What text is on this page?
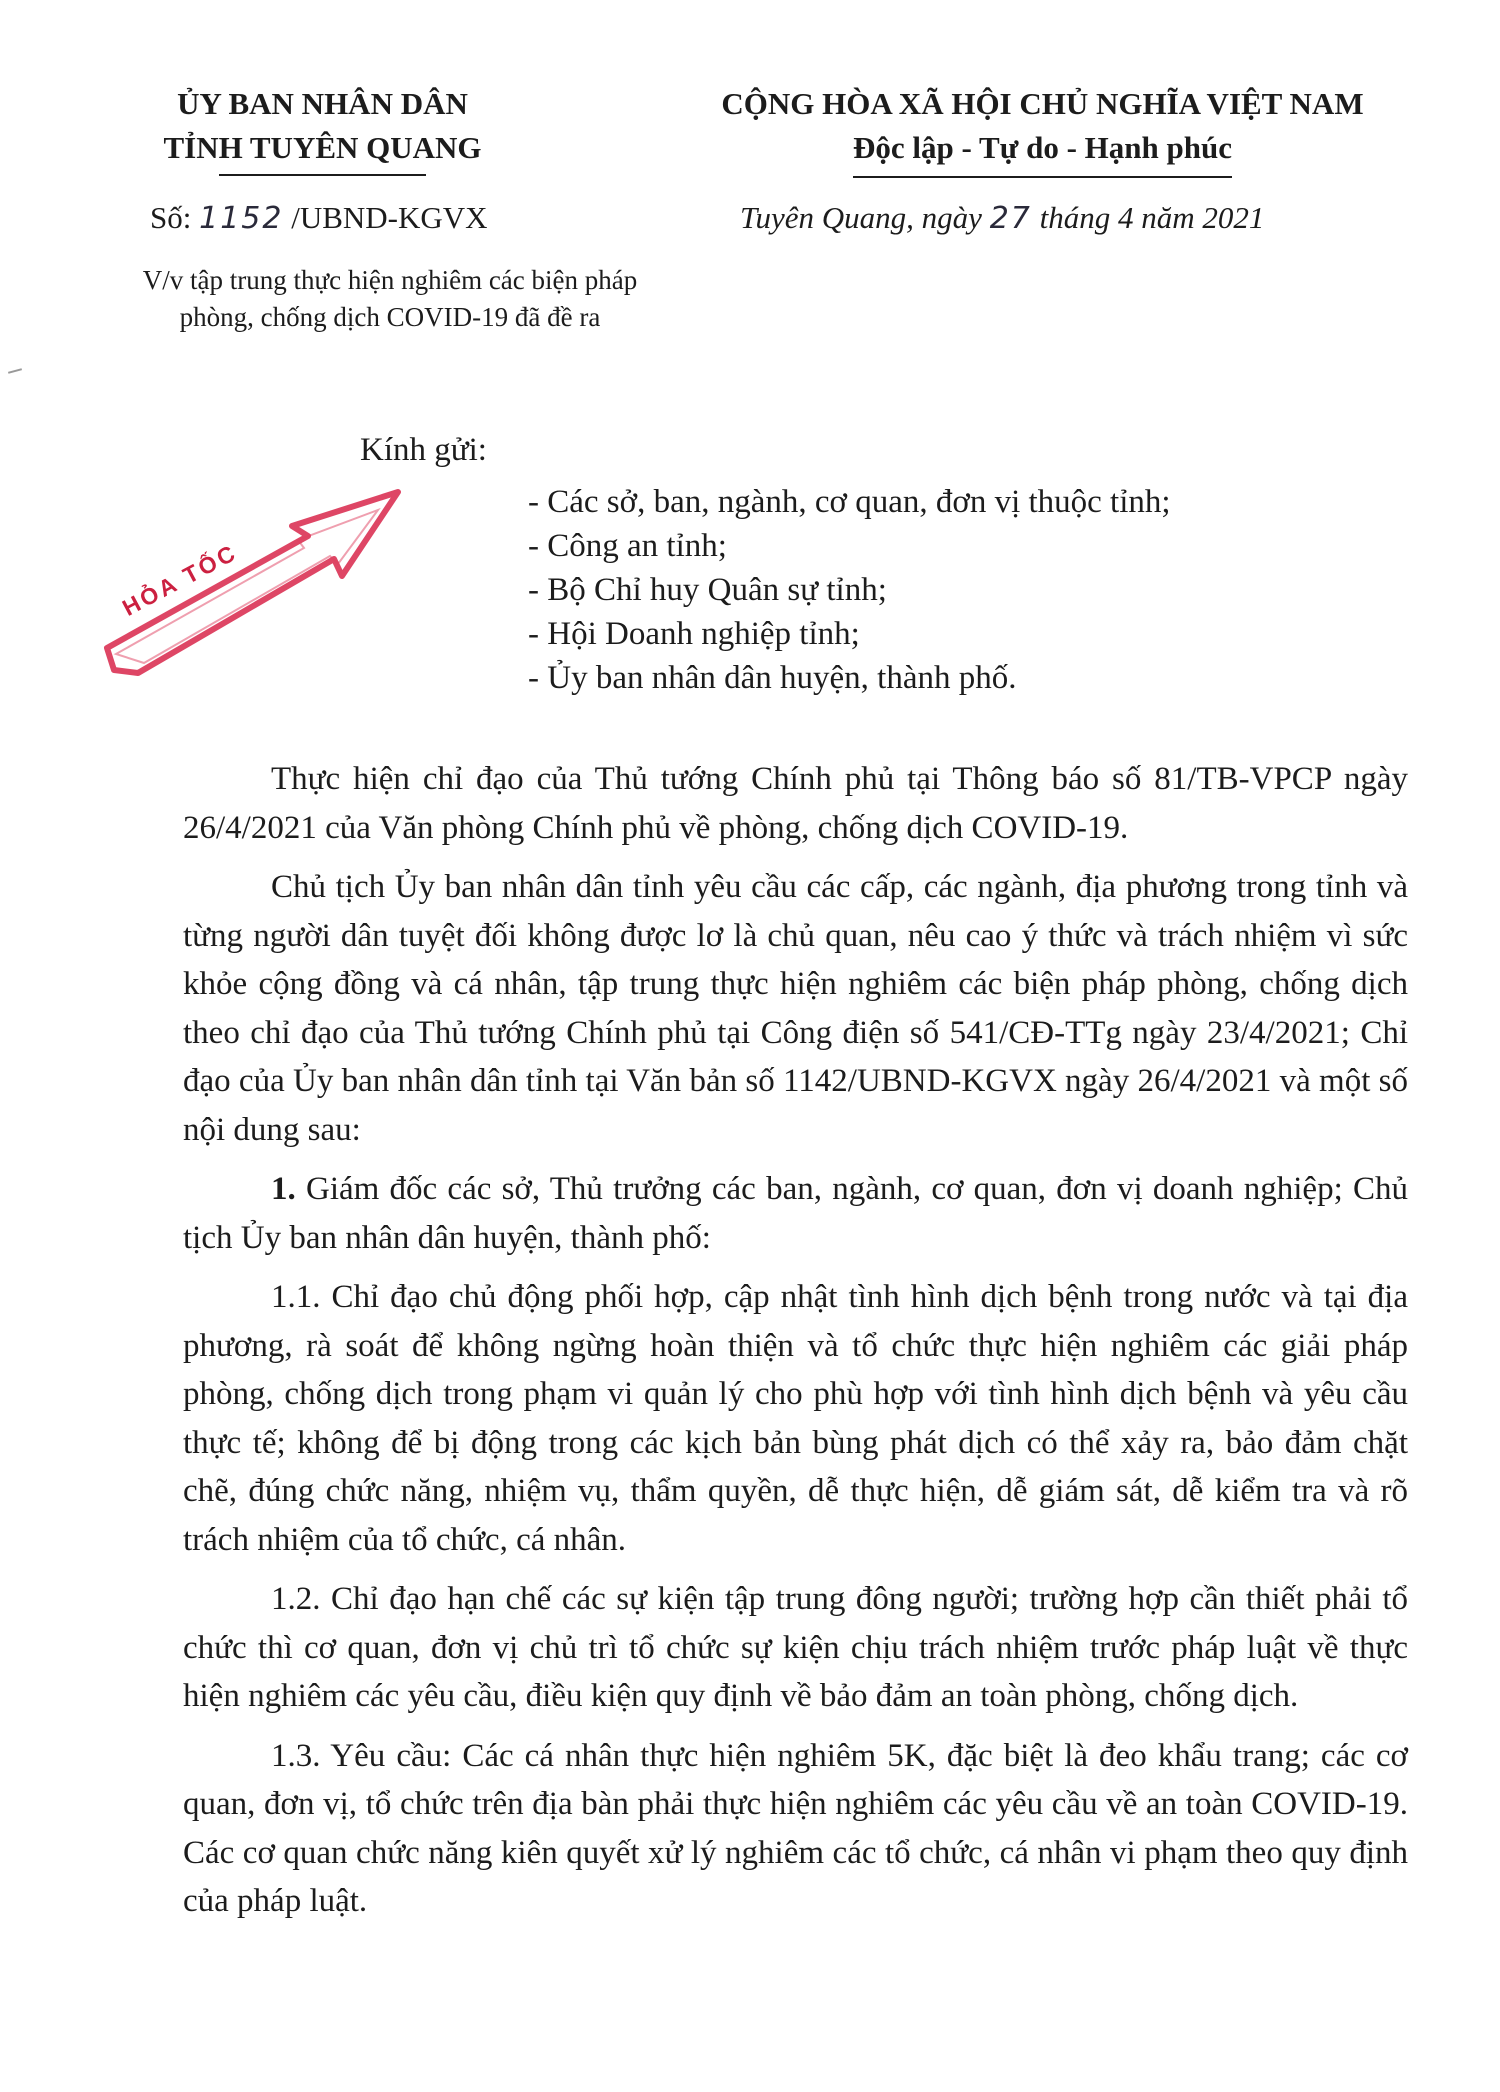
ỦY BAN NHÂN DÂN
TỈNH TUYÊN QUANG
CỘNG HÒA XÃ HỘI CHỦ NGHĨA VIỆT NAM
Độc lập - Tự do - Hạnh phúc
Số: 1152 /UBND-KGVX	Tuyên Quang, ngày 27 tháng 4 năm 2021
V/v tập trung thực hiện nghiêm các biện pháp
phòng, chống dịch COVID-19 đã đề ra
Kính gửi:
- Các sở, ban, ngành, cơ quan, đơn vị thuộc tỉnh;
- Công an tỉnh;
- Bộ Chỉ huy Quân sự tỉnh;
- Hội Doanh nghiệp tỉnh;
- Ủy ban nhân dân huyện, thành phố.
HỎA TỐC

Thực hiện chỉ đạo của Thủ tướng Chính phủ tại Thông báo số 81/TB-VPCP ngày 26/4/2021 của Văn phòng Chính phủ về phòng, chống dịch COVID-19.

Chủ tịch Ủy ban nhân dân tỉnh yêu cầu các cấp, các ngành, địa phương trong tỉnh và từng người dân tuyệt đối không được lơ là chủ quan, nêu cao ý thức và trách nhiệm vì sức khỏe cộng đồng và cá nhân, tập trung thực hiện nghiêm các biện pháp phòng, chống dịch theo chỉ đạo của Thủ tướng Chính phủ tại Công điện số 541/CĐ-TTg ngày 23/4/2021; Chỉ đạo của Ủy ban nhân dân tỉnh tại Văn bản số 1142/UBND-KGVX ngày 26/4/2021 và một số nội dung sau:

1. Giám đốc các sở, Thủ trưởng các ban, ngành, cơ quan, đơn vị doanh nghiệp; Chủ tịch Ủy ban nhân dân huyện, thành phố:

1.1. Chỉ đạo chủ động phối hợp, cập nhật tình hình dịch bệnh trong nước và tại địa phương, rà soát để không ngừng hoàn thiện và tổ chức thực hiện nghiêm các giải pháp phòng, chống dịch trong phạm vi quản lý cho phù hợp với tình hình dịch bệnh và yêu cầu thực tế; không để bị động trong các kịch bản bùng phát dịch có thể xảy ra, bảo đảm chặt chẽ, đúng chức năng, nhiệm vụ, thẩm quyền, dễ thực hiện, dễ giám sát, dễ kiểm tra và rõ trách nhiệm của tổ chức, cá nhân.

1.2. Chỉ đạo hạn chế các sự kiện tập trung đông người; trường hợp cần thiết phải tổ chức thì cơ quan, đơn vị chủ trì tổ chức sự kiện chịu trách nhiệm trước pháp luật về thực hiện nghiêm các yêu cầu, điều kiện quy định về bảo đảm an toàn phòng, chống dịch.

1.3. Yêu cầu: Các cá nhân thực hiện nghiêm 5K, đặc biệt là đeo khẩu trang; các cơ quan, đơn vị, tổ chức trên địa bàn phải thực hiện nghiêm các yêu cầu về an toàn COVID-19. Các cơ quan chức năng kiên quyết xử lý nghiêm các tổ chức, cá nhân vi phạm theo quy định của pháp luật.
